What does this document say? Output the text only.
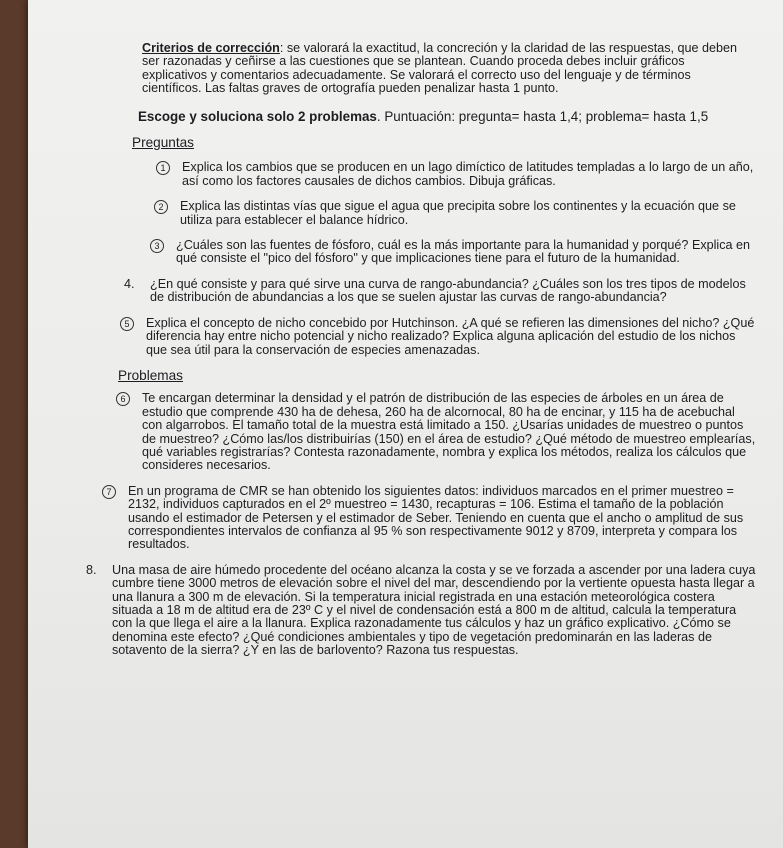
Criterios de corrección: se valorará la exactitud, la concreción y la claridad de las respuestas, que deben ser razonadas y ceñirse a las cuestiones que se plantean. Cuando proceda debes incluir gráficos explicativos y comentarios adecuadamente. Se valorará el correcto uso del lenguaje y de términos científicos. Las faltas graves de ortografía pueden penalizar hasta 1 punto.

Escoge y soluciona solo 2 problemas. Puntuación: pregunta= hasta 1,4; problema= hasta 1,5

Preguntas
1	Explica los cambios que se producen en un lago dimíctico de latitudes templadas a lo largo de un año, así como los factores causales de dichos cambios. Dibuja gráficas.
2	Explica las distintas vías que sigue el agua que precipita sobre los continentes y la ecuación que se utiliza para establecer el balance hídrico.
3	¿Cuáles son las fuentes de fósforo, cuál es la más importante para la humanidad y porqué? Explica en qué consiste el "pico del fósforo" y que implicaciones tiene para el futuro de la humanidad.
4.	¿En qué consiste y para qué sirve una curva de rango-abundancia? ¿Cuáles son los tres tipos de modelos de distribución de abundancias a los que se suelen ajustar las curvas de rango-abundancia?
5	Explica el concepto de nicho concebido por Hutchinson. ¿A qué se refieren las dimensiones del nicho? ¿Qué diferencia hay entre nicho potencial y nicho realizado? Explica alguna aplicación del estudio de los nichos que sea útil para la conservación de especies amenazadas.
Problemas
6	Te encargan determinar la densidad y el patrón de distribución de las especies de árboles en un área de estudio que comprende 430 ha de dehesa, 260 ha de alcornocal, 80 ha de encinar, y 115 ha de acebuchal con algarrobos. El tamaño total de la muestra está limitado a 150. ¿Usarías unidades de muestreo o puntos de muestreo? ¿Cómo las/los distribuirías (150) en el área de estudio? ¿Qué método de muestreo emplearías, qué variables registrarías? Contesta razonadamente, nombra y explica los métodos, realiza los cálculos que consideres necesarios.
7	En un programa de CMR se han obtenido los siguientes datos: individuos marcados en el primer muestreo = 2132, individuos capturados en el 2º muestreo = 1430, recapturas = 106. Estima el tamaño de la población usando el estimador de Petersen y el estimador de Seber. Teniendo en cuenta que el ancho o amplitud de sus correspondientes intervalos de confianza al 95 % son respectivamente 9012 y 8709, interpreta y compara los resultados.
8.	Una masa de aire húmedo procedente del océano alcanza la costa y se ve forzada a ascender por una ladera cuya cumbre tiene 3000 metros de elevación sobre el nivel del mar, descendiendo por la vertiente opuesta hasta llegar a una llanura a 300 m de elevación. Si la temperatura inicial registrada en una estación meteorológica costera situada a 18 m de altitud era de 23º C y el nivel de condensación está a 800 m de altitud, calcula la temperatura con la que llega el aire a la llanura. Explica razonadamente tus cálculos y haz un gráfico explicativo. ¿Cómo se denomina este efecto? ¿Qué condiciones ambientales y tipo de vegetación predominarán en las laderas de sotavento de la sierra? ¿Y en las de barlovento? Razona tus respuestas.
